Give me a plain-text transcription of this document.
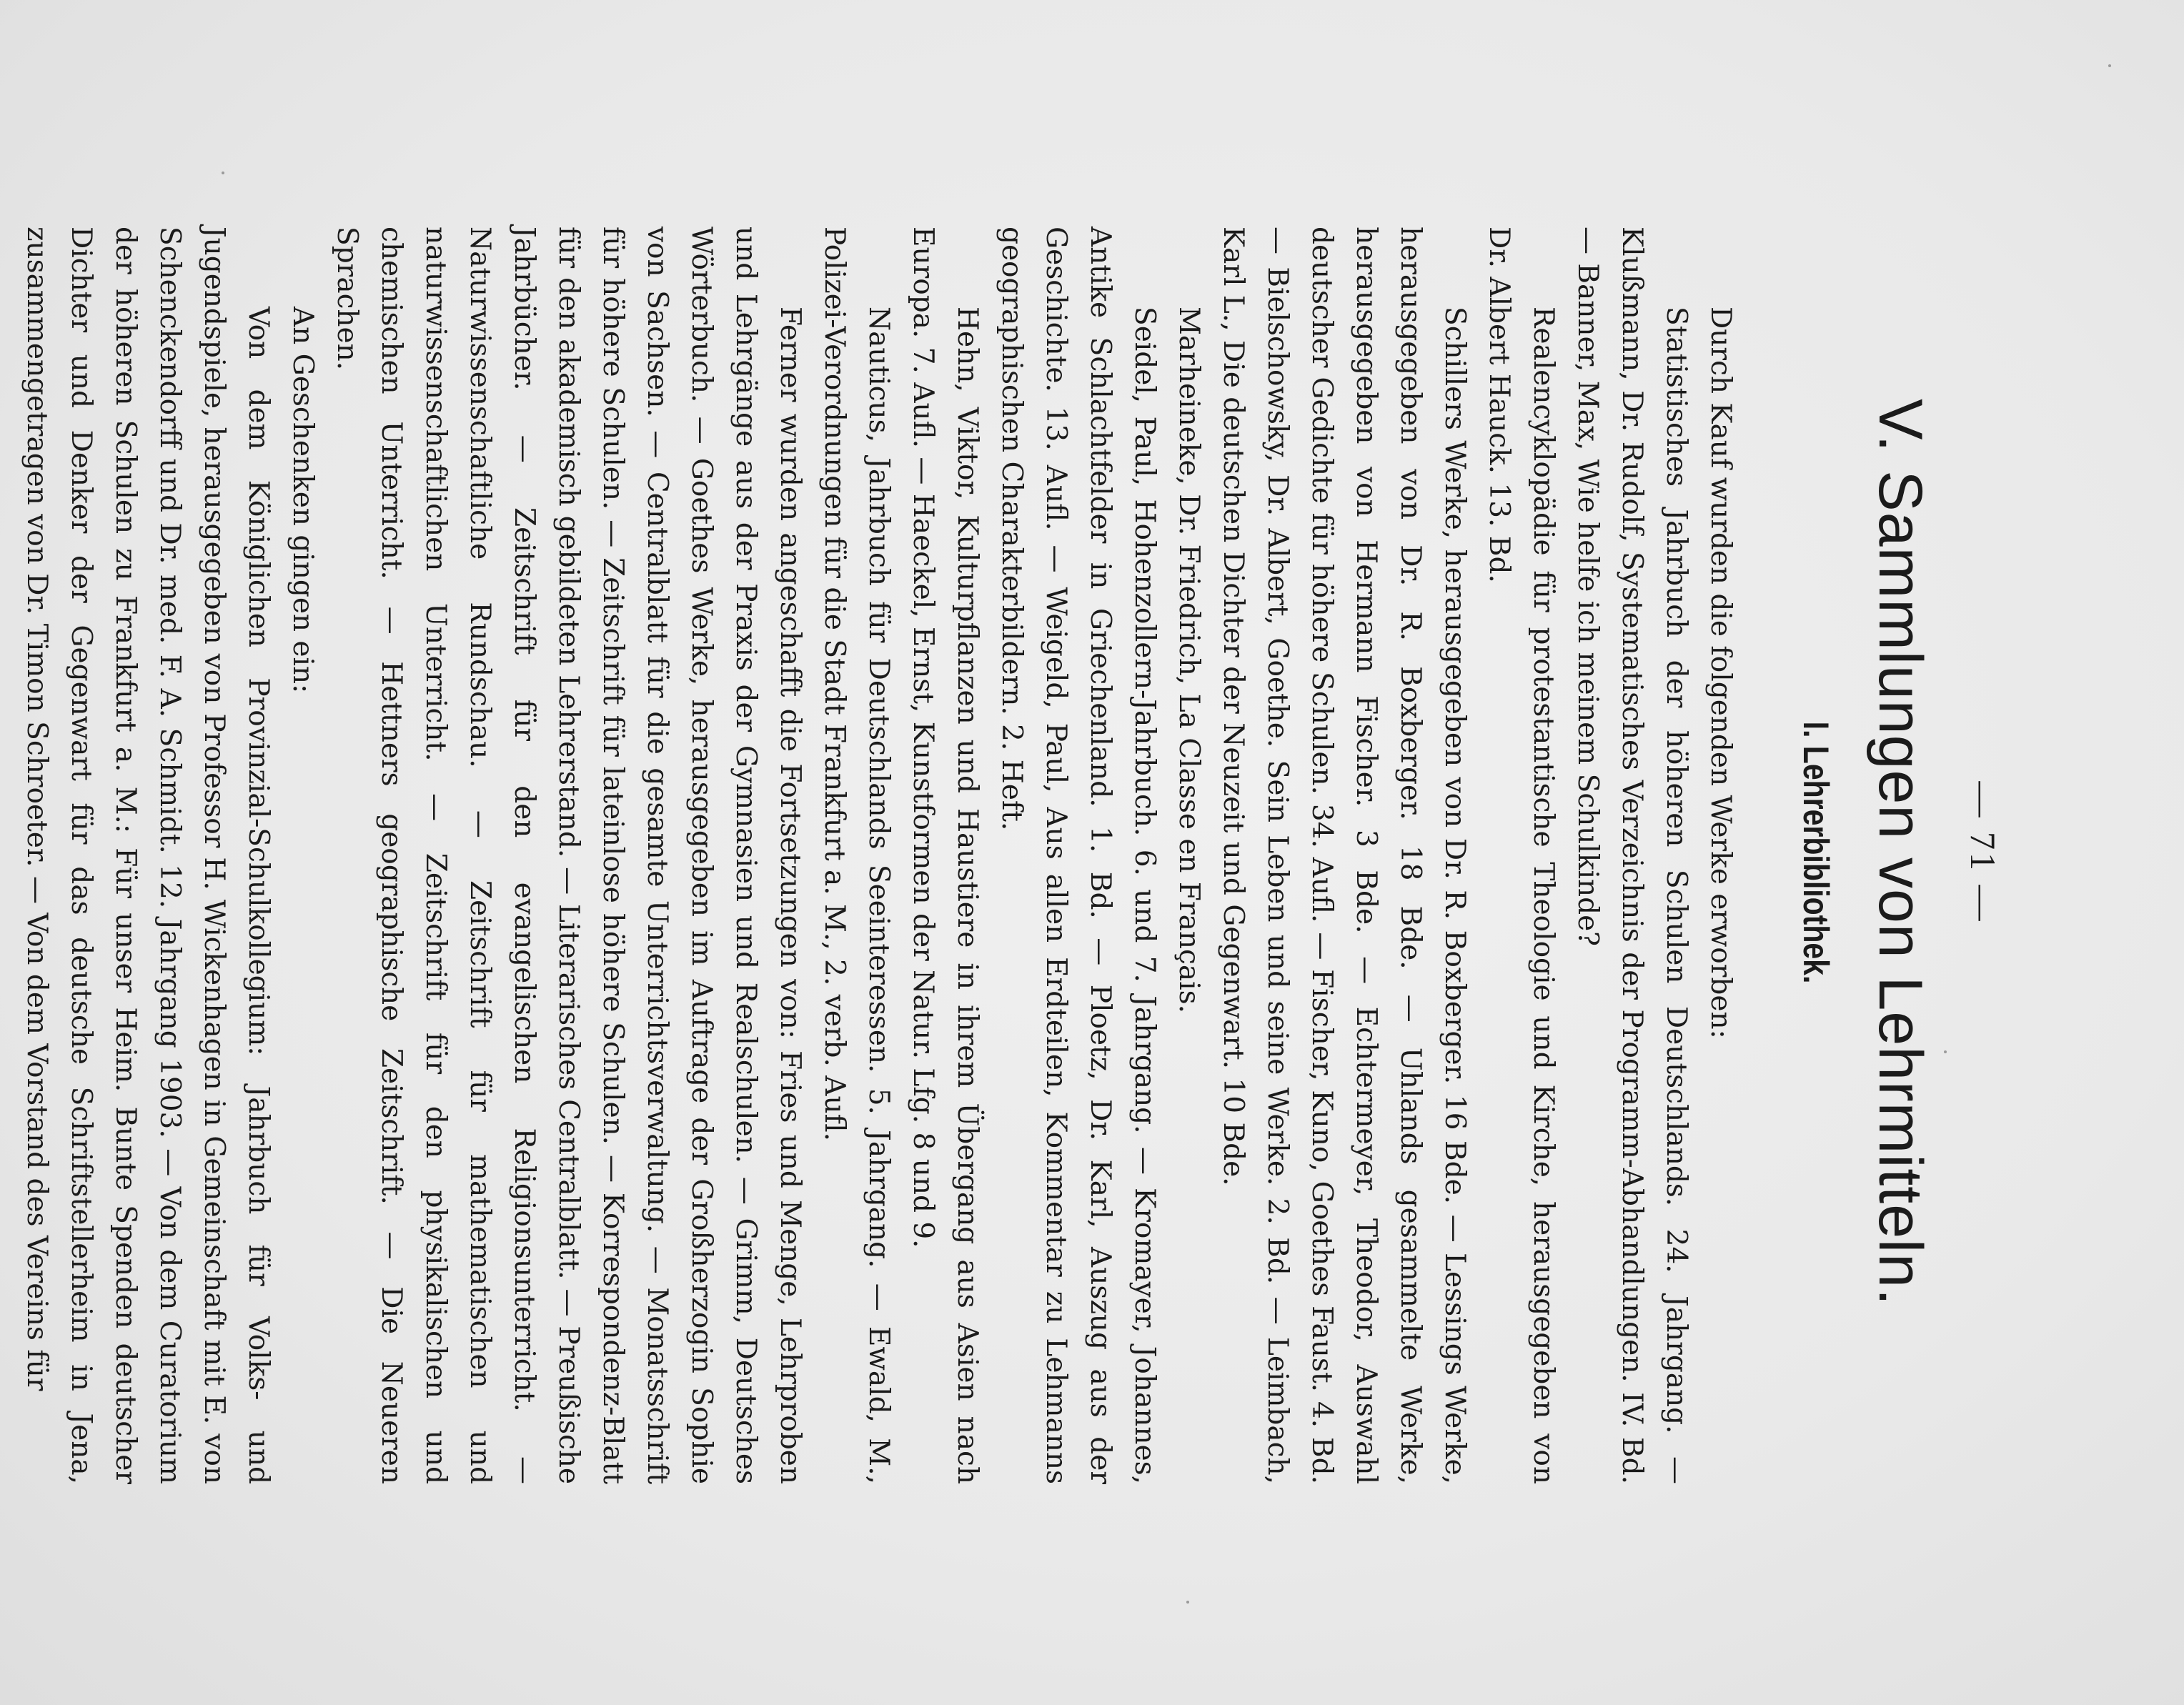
— 71 —
V. Sammlungen von Lehrmitteln.
I. Lehrerbibliothek.

Durch Kauf wurden die folgenden Werke erworben:

Statistisches Jahrbuch der höheren Schulen Deutschlands. 24. Jahrgang. — Klußmann, Dr. Rudolf, Systematisches Verzeichnis der Programm-Abhandlungen. IV. Bd. — Banner, Max, Wie helfe ich meinem Schulkinde?

Realencyklopädie für protestantische Theologie und Kirche, herausgegeben von Dr. Albert Hauck. 13. Bd.

Schillers Werke, herausgegeben von Dr. R. Boxberger. 16 Bde. — Lessings Werke, herausgegeben von Dr. R. Boxberger. 18 Bde. — Uhlands gesammelte Werke, herausgegeben von Hermann Fischer. 3 Bde. — Echtermeyer, Theodor, Auswahl deutscher Gedichte für höhere Schulen. 34. Aufl. — Fischer, Kuno, Goethes Faust. 4. Bd. — Bielschowsky, Dr. Albert, Goethe. Sein Leben und seine Werke. 2. Bd. — Leimbach, Karl L., Die deutschen Dichter der Neuzeit und Gegenwart. 10 Bde.

Marheineke, Dr. Friedrich, La Classe en Français.

Seidel, Paul, Hohenzollern-Jahrbuch. 6. und 7. Jahrgang. — Kromayer, Johannes, Antike Schlachtfelder in Griechenland. 1. Bd. — Ploetz, Dr. Karl, Auszug aus der Geschichte. 13. Aufl. — Weigeld, Paul, Aus allen Erdteilen, Kommentar zu Lehmanns geographischen Charakterbildern. 2. Heft.

Hehn, Viktor, Kulturpflanzen und Haustiere in ihrem Übergang aus Asien nach Europa. 7. Aufl. — Haeckel, Ernst, Kunstformen der Natur. Lfg. 8 und 9.

Nauticus, Jahrbuch für Deutschlands Seeinteressen. 5. Jahrgang. — Ewald, M., Polizei-Verordnungen für die Stadt Frankfurt a. M., 2. verb. Aufl.

Ferner wurden angeschafft die Fortsetzungen von: Fries und Menge, Lehrproben und Lehrgänge aus der Praxis der Gymnasien und Realschulen. — Grimm, Deutsches Wörterbuch. — Goethes Werke, herausgegeben im Auftrage der Großherzogin Sophie von Sachsen. — Centralblatt für die gesamte Unterrichtsverwaltung. — Monatsschrift für höhere Schulen. — Zeitschrift für lateinlose höhere Schulen. — Korrespondenz-Blatt für den akademisch gebildeten Lehrerstand. — Literarisches Centralblatt. — Preußische Jahrbücher. — Zeitschrift für den evangelischen Religionsunterricht. — Naturwissenschaftliche Rundschau. — Zeitschrift für mathematischen und naturwissenschaftlichen Unterricht. — Zeitschrift für den physikalischen und chemischen Unterricht. — Hettners geographische Zeitschrift. — Die Neueren Sprachen.

An Geschenken gingen ein:

Von dem Königlichen Provinzial-Schulkollegium: Jahrbuch für Volks- und Jugendspiele, herausgegeben von Professor H. Wickenhagen in Gemeinschaft mit E. von Schenckendorff und Dr. med. F. A. Schmidt. 12. Jahrgang 1903. — Von dem Curatorium der höheren Schulen zu Frankfurt a. M.: Für unser Heim. Bunte Spenden deutscher Dichter und Denker der Gegenwart für das deutsche Schriftstellerheim in Jena, zusammengetragen von Dr. Timon Schroeter. — Von dem Vorstand des Vereins für
